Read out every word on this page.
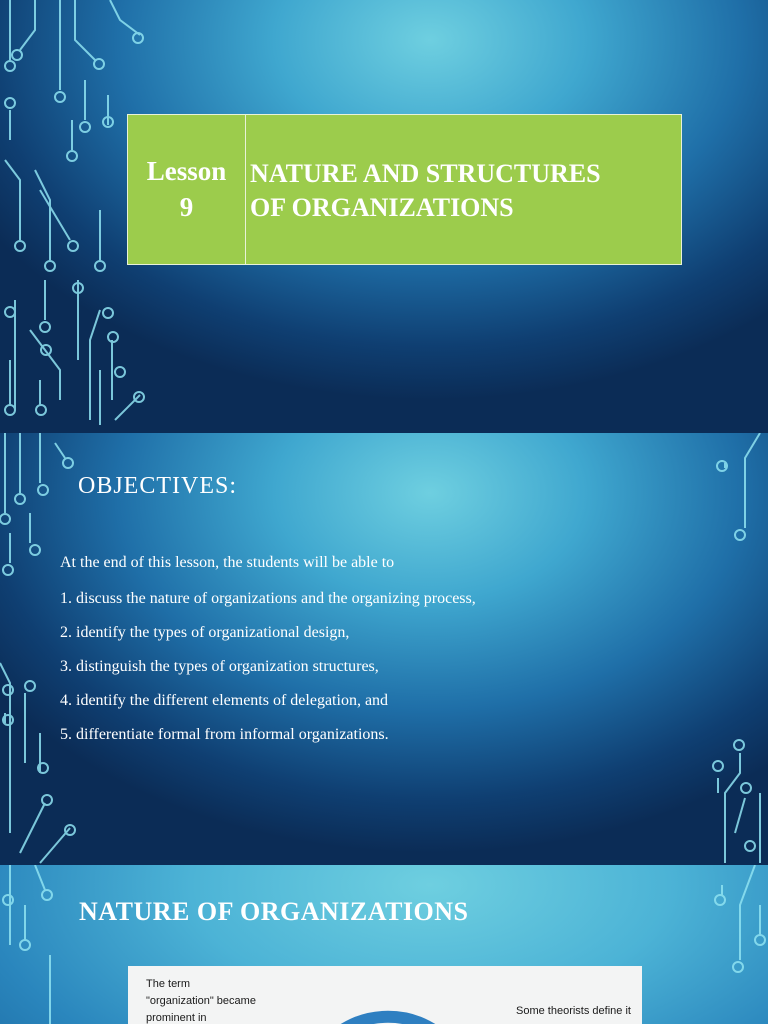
Lesson
9
NATURE AND STRUCTURES
OF ORGANIZATIONS
OBJECTIVES:
At the end of this lesson, the students will be able to
1. discuss the nature of organizations and the organizing process,
2. identify the types of organizational design,
3. distinguish the types of organization structures,
4. identify the different elements of delegation, and
5. differentiate formal from informal organizations.
NATURE OF ORGANIZATIONS
The term
"organization" became
prominent in
Some theorists define it
